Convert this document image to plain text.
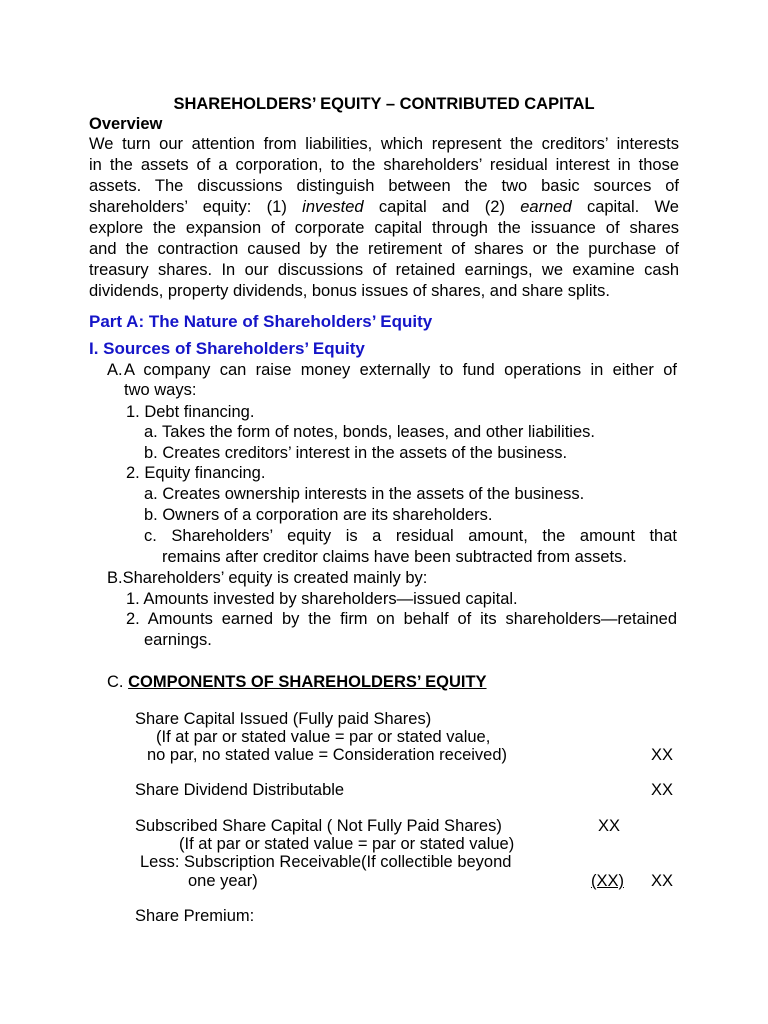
SHAREHOLDERS’ EQUITY – CONTRIBUTED CAPITAL
Overview
We turn our attention from liabilities, which represent the creditors’ interests
in the assets of a corporation, to the shareholders’ residual interest in those
assets. The discussions distinguish between the two basic sources of
shareholders’ equity: (1) invested capital and (2) earned capital. We
explore the expansion of corporate capital through the issuance of shares
and the contraction caused by the retirement of shares or the purchase of
treasury shares. In our discussions of retained earnings, we examine cash
dividends, property dividends, bonus issues of shares, and share splits.
Part A: The Nature of Shareholders’ Equity
I. Sources of Shareholders’ Equity
A. A company can raise money externally to fund operations in either of
two ways:
1. Debt financing.
a. Takes the form of notes, bonds, leases, and other liabilities.
b. Creates creditors’ interest in the assets of the business.
2. Equity financing.
a. Creates ownership interests in the assets of the business.
b. Owners of a corporation are its shareholders.
c. Shareholders’ equity is a residual amount, the amount that
remains after creditor claims have been subtracted from assets.
B.Shareholders’ equity is created mainly by:
1. Amounts invested by shareholders—issued capital.
2. Amounts earned by the firm on behalf of its shareholders—retained
earnings.
C. COMPONENTS OF SHAREHOLDERS’ EQUITY
Share Capital Issued (Fully paid Shares)
(If at par or stated value = par or stated value,
no par, no stated value = Consideration received)	XX
Share Dividend Distributable	XX
Subscribed Share Capital ( Not Fully Paid Shares)	XX
(If at par or stated value = par or stated value)
Less: Subscription Receivable(If collectible beyond
one year)	(XX) XX
Share Premium:
